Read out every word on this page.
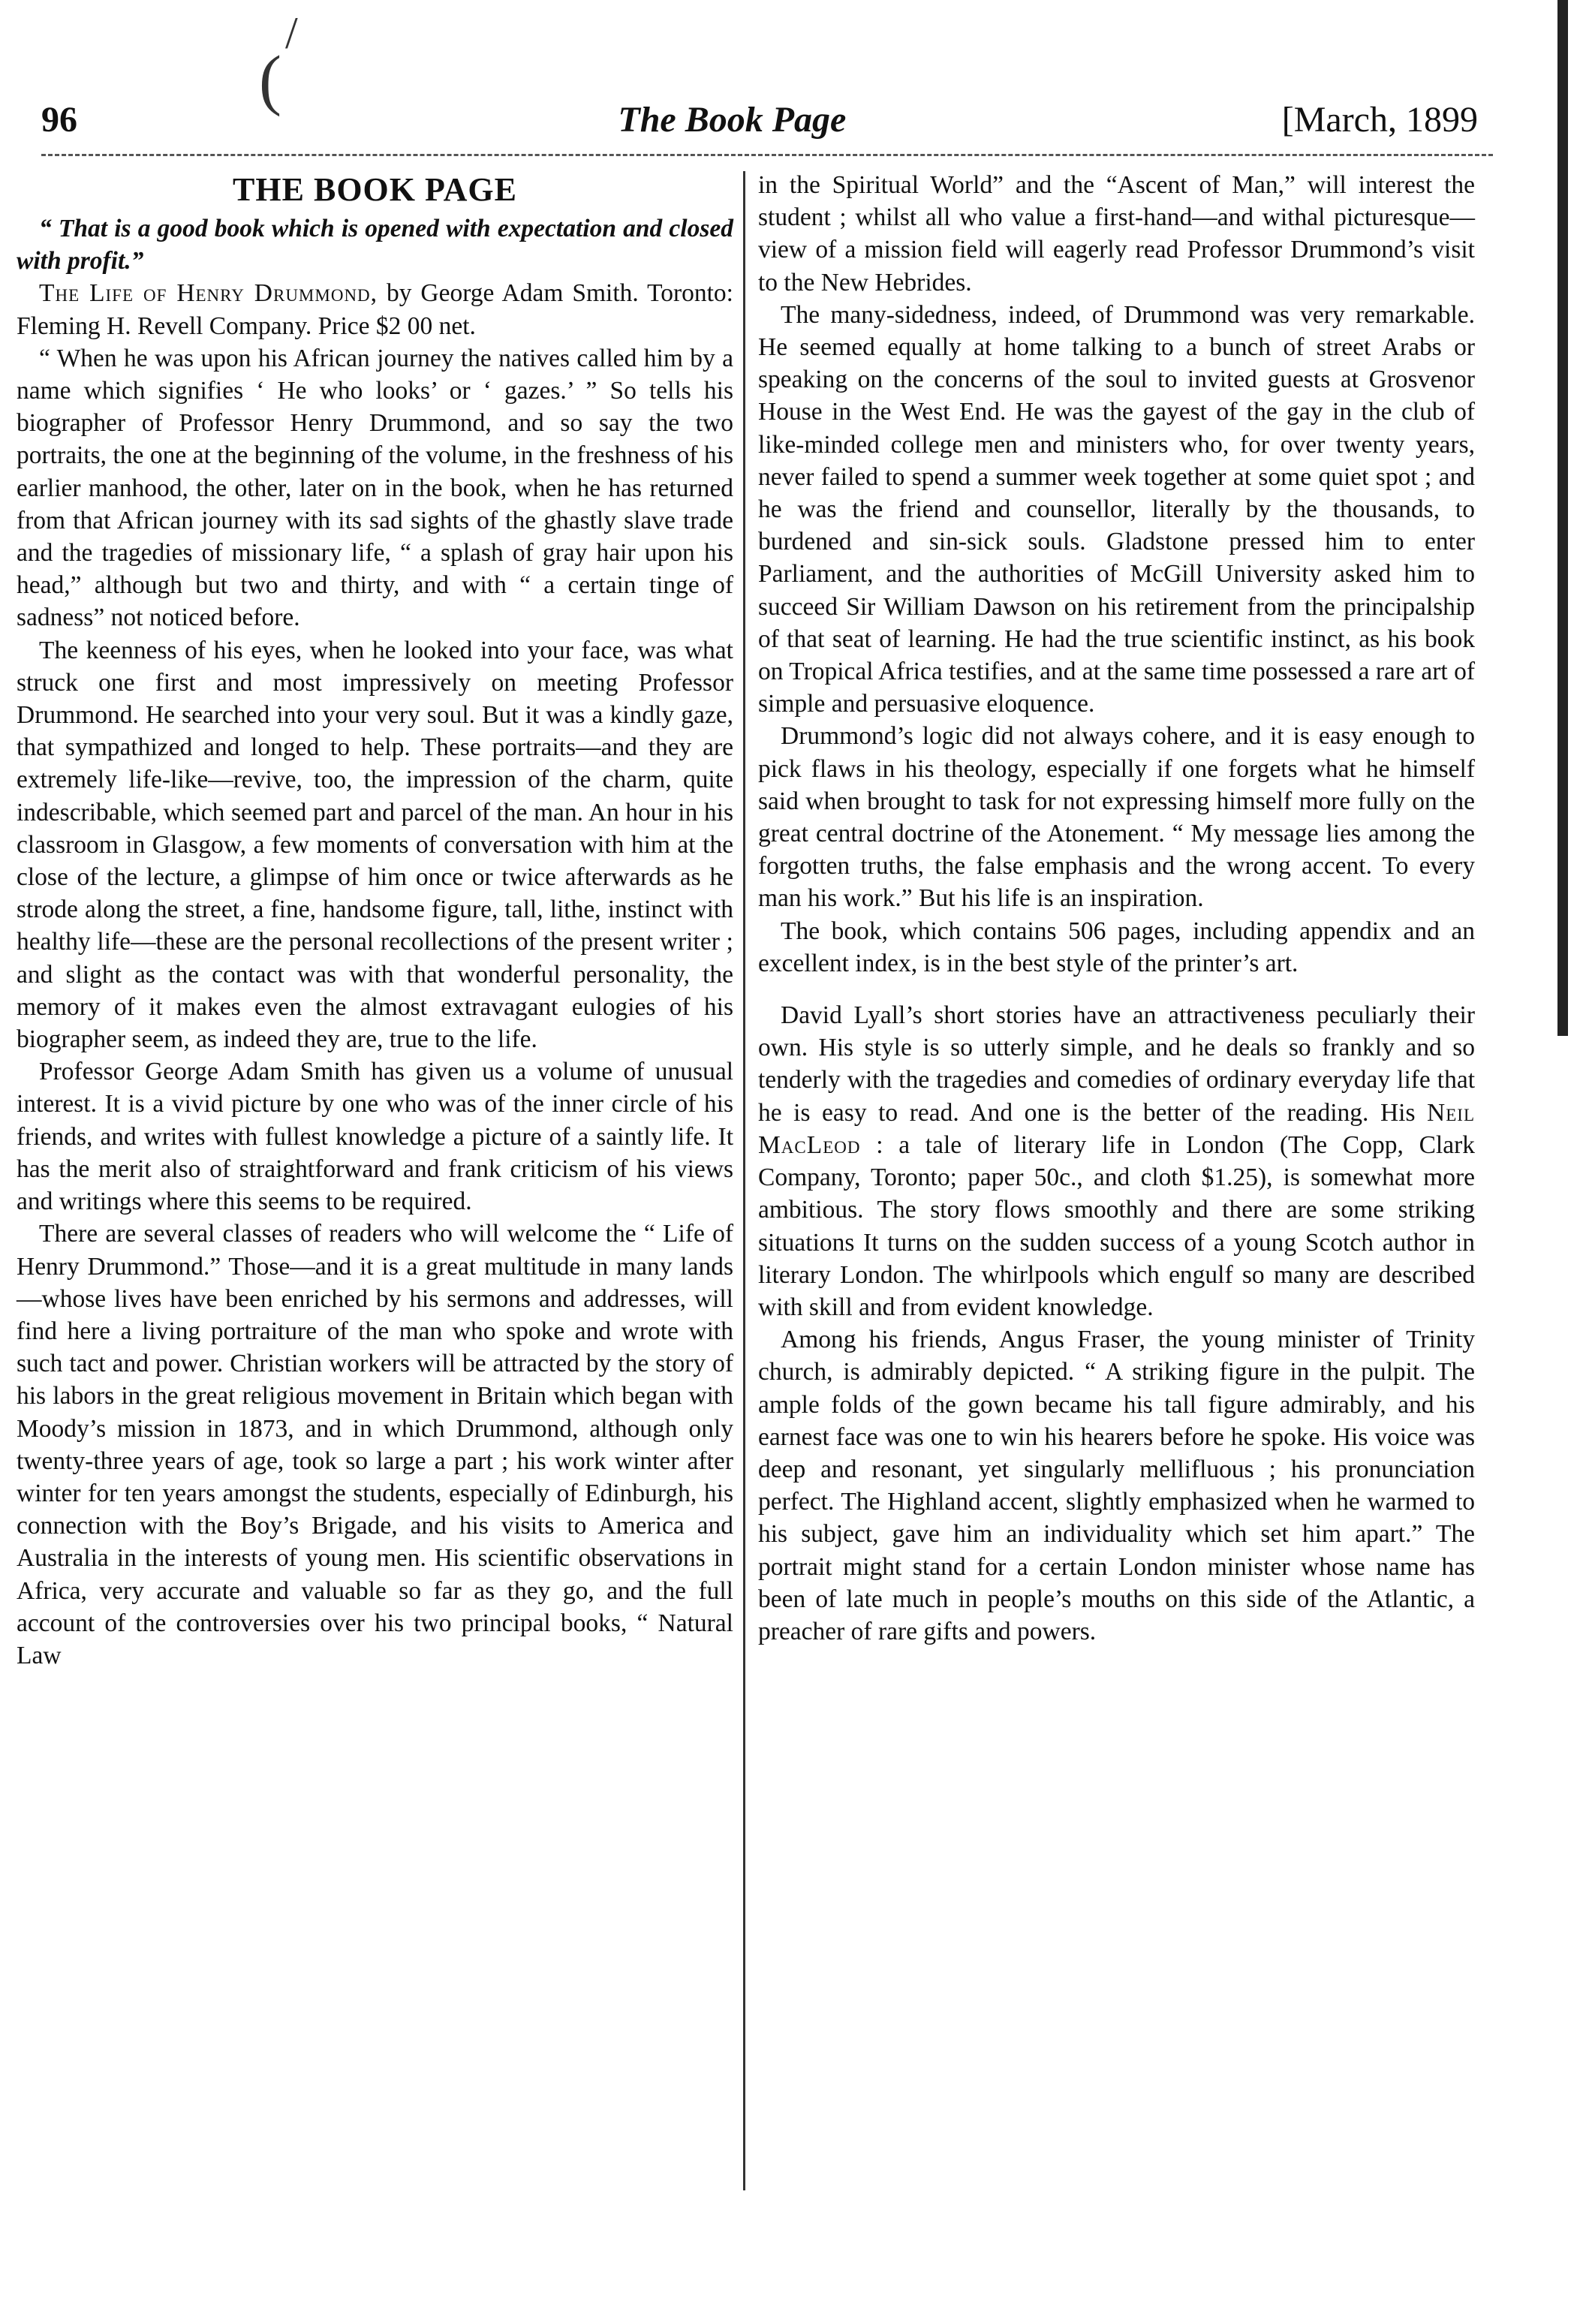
/
(
96	The Book Page	[March, 1899
THE BOOK PAGE

“ That is a good book which is opened with expectation and closed with profit.”

The Life of Henry Drummond, by George Adam Smith. Toronto: Fleming H. Revell Company. Price $2 00 net.

“ When he was upon his African journey the natives called him by a name which signifies ‘ He who looks’ or ‘ gazes.’ ” So tells his biographer of Professor Henry Drummond, and so say the two portraits, the one at the beginning of the volume, in the freshness of his earlier manhood, the other, later on in the book, when he has returned from that African journey with its sad sights of the ghastly slave trade and the tragedies of missionary life, “ a splash of gray hair upon his head,” although but two and thirty, and with “ a certain tinge of sadness” not noticed before.

The keenness of his eyes, when he looked into your face, was what struck one first and most impressively on meeting Professor Drummond. He searched into your very soul. But it was a kindly gaze, that sympathized and longed to help. These portraits—and they are extremely life-like—revive, too, the impression of the charm, quite indescribable, which seemed part and parcel of the man. An hour in his classroom in Glasgow, a few moments of conversation with him at the close of the lecture, a glimpse of him once or twice afterwards as he strode along the street, a fine, handsome figure, tall, lithe, instinct with healthy life—these are the personal recollections of the present writer ; and slight as the contact was with that wonderful personality, the memory of it makes even the almost extravagant eulogies of his biographer seem, as indeed they are, true to the life.

Professor George Adam Smith has given us a volume of unusual interest. It is a vivid picture by one who was of the inner circle of his friends, and writes with fullest knowledge a picture of a saintly life. It has the merit also of straightforward and frank criticism of his views and writings where this seems to be required.

There are several classes of readers who will welcome the “ Life of Henry Drummond.” Those—and it is a great multitude in many lands —whose lives have been enriched by his sermons and addresses, will find here a living portraiture of the man who spoke and wrote with such tact and power. Christian workers will be attracted by the story of his labors in the great religious movement in Britain which began with Moody’s mission in 1873, and in which Drummond, although only twenty-three years of age, took so large a part ; his work winter after winter for ten years amongst the students, especially of Edinburgh, his connection with the Boy’s Brigade, and his visits to America and Australia in the interests of young men. His scientific observations in Africa, very accurate and valuable so far as they go, and the full account of the controversies over his two principal books, “ Natural Law

in the Spiritual World” and the “Ascent of Man,” will interest the student ; whilst all who value a first-hand—and withal picturesque—view of a mission field will eagerly read Professor Drummond’s visit to the New Hebrides.

The many-sidedness, indeed, of Drummond was very remarkable. He seemed equally at home talking to a bunch of street Arabs or speaking on the concerns of the soul to invited guests at Grosvenor House in the West End. He was the gayest of the gay in the club of like-minded college men and ministers who, for over twenty years, never failed to spend a summer week together at some quiet spot ; and he was the friend and counsellor, literally by the thousands, to burdened and sin-sick souls. Gladstone pressed him to enter Parliament, and the authorities of McGill University asked him to succeed Sir William Dawson on his retirement from the principalship of that seat of learning. He had the true scientific instinct, as his book on Tropical Africa testifies, and at the same time possessed a rare art of simple and persuasive eloquence.

Drummond’s logic did not always cohere, and it is easy enough to pick flaws in his theology, especially if one forgets what he himself said when brought to task for not expressing himself more fully on the great central doctrine of the Atonement. “ My message lies among the forgotten truths, the false emphasis and the wrong accent. To every man his work.” But his life is an inspiration.

The book, which contains 506 pages, including appendix and an excellent index, is in the best style of the printer’s art.

David Lyall’s short stories have an attractiveness peculiarly their own. His style is so utterly simple, and he deals so frankly and so tenderly with the tragedies and comedies of ordinary everyday life that he is easy to read. And one is the better of the reading. His Neil MacLeod : a tale of literary life in London (The Copp, Clark Company, Toronto; paper 50c., and cloth $1.25), is somewhat more ambitious. The story flows smoothly and there are some striking situations It turns on the sudden success of a young Scotch author in literary London. The whirlpools which engulf so many are described with skill and from evident knowledge.

Among his friends, Angus Fraser, the young minister of Trinity church, is admirably depicted. “ A striking figure in the pulpit. The ample folds of the gown became his tall figure admirably, and his earnest face was one to win his hearers before he spoke. His voice was deep and resonant, yet singularly mellifluous ; his pronunciation perfect. The Highland accent, slightly emphasized when he warmed to his subject, gave him an individuality which set him apart.” The portrait might stand for a certain London minister whose name has been of late much in people’s mouths on this side of the Atlantic, a preacher of rare gifts and powers.
